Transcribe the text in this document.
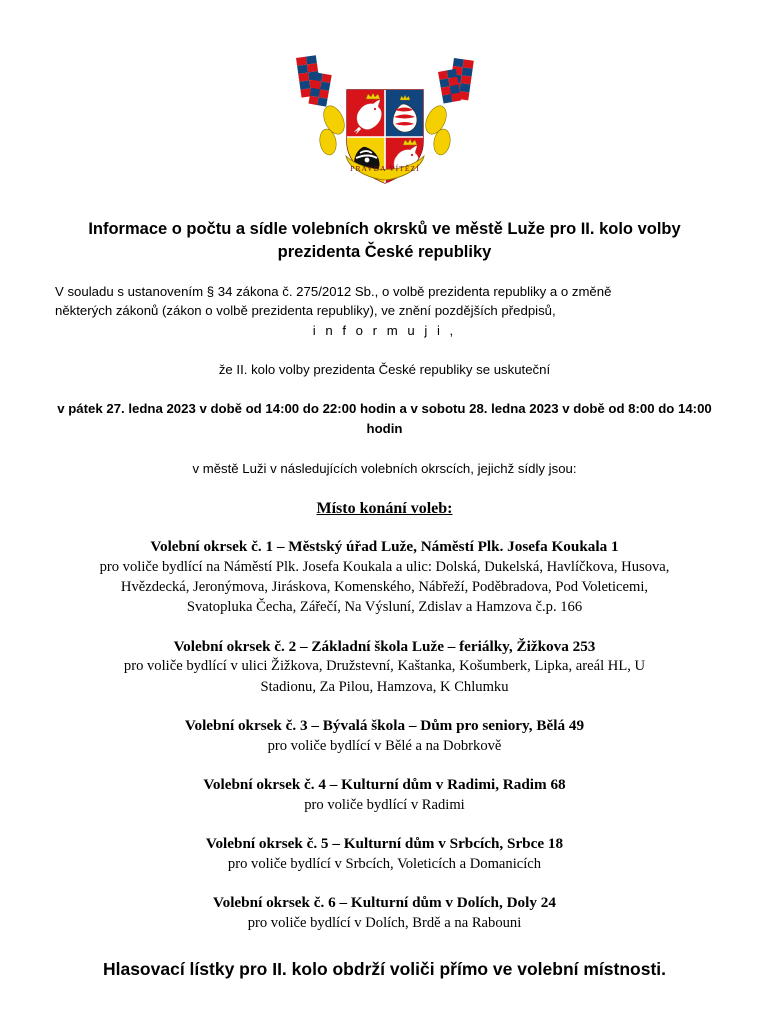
PRAVDA VÍTĚZÍ
Informace o počtu a sídle volebních okrsků ve městě Luže pro II. kolo volby prezidenta České republiky
V souladu s ustanovením § 34 zákona č. 275/2012 Sb., o volbě prezidenta republiky a o změně
některých zákonů (zákon o volbě prezidenta republiky), ve znění pozdějších předpisů,
i n f o r m u j i ,
že II. kolo volby prezidenta České republiky se uskuteční
v pátek 27. ledna 2023 v době od 14:00 do 22:00 hodin a v sobotu 28. ledna 2023 v době od 8:00 do 14:00 hodin
v městě Luži v následujících volebních okrscích, jejichž sídly jsou:
Místo konání voleb:
Volební okrsek č. 1 – Městský úřad Luže, Náměstí Plk. Josefa Koukala 1
pro voliče bydlící na Náměstí Plk. Josefa Koukala a ulic: Dolská, Dukelská, Havlíčkova, Husova,
Hvězdecká, Jeronýmova, Jiráskova, Komenského, Nábřeží, Poděbradova, Pod Voleticemi,
Svatopluka Čecha, Zářečí, Na Výsluní, Zdislav a Hamzova č.p. 166
Volební okrsek č. 2 – Základní škola Luže – feriálky, Žižkova 253
pro voliče bydlící v ulici Žižkova, Družstevní, Kaštanka, Košumberk, Lipka, areál HL, U
Stadionu, Za Pilou, Hamzova, K Chlumku
Volební okrsek č. 3 – Bývalá škola – Dům pro seniory, Bělá 49
pro voliče bydlící v Bělé a na Dobrkově
Volební okrsek č. 4 – Kulturní dům v Radimi, Radim 68
pro voliče bydlící v Radimi
Volební okrsek č. 5 – Kulturní dům v Srbcích, Srbce 18
pro voliče bydlící v Srbcích, Voleticích a Domanicích
Volební okrsek č. 6 – Kulturní dům v Dolích, Doly 24
pro voliče bydlící v Dolích, Brdě a na Rabouni
Hlasovací lístky pro II. kolo obdrží voliči přímo ve volební místnosti.
